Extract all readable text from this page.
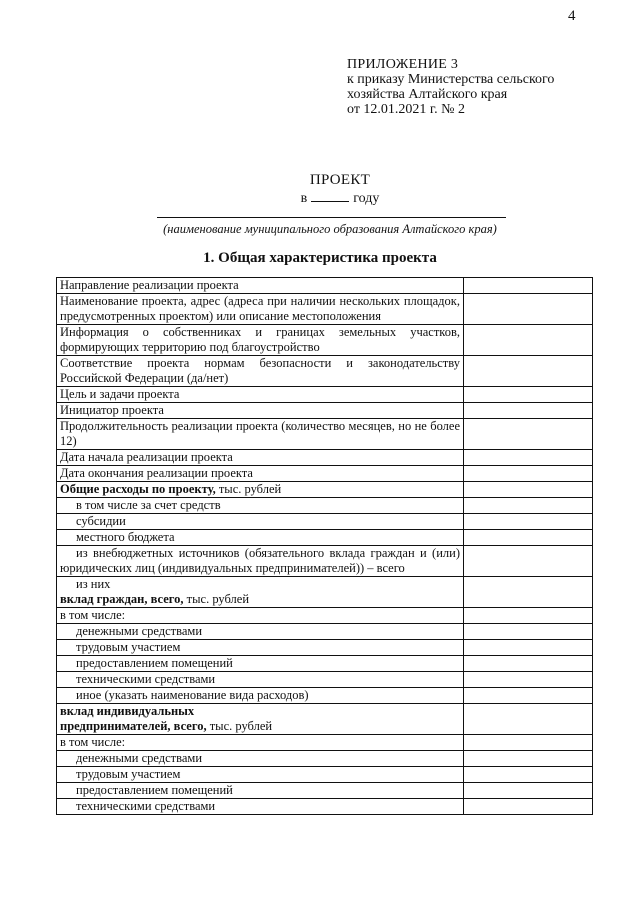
4
ПРИЛОЖЕНИЕ 3
к приказу Министерства сельского
хозяйства Алтайского края
от 12.01.2021 г. № 2
ПРОЕКТ
в	году
(наименование муниципального образования Алтайского края)
1. Общая характеристика проекта
Направление реализации проекта	
Наименование проекта, адрес (адреса при наличии нескольких площадок, предусмотренных проектом) или описание местоположения	
Информация о собственниках и границах земельных участков, формирующих территорию под благоустройство	
Соответствие проекта нормам безопасности и законодательству Российской Федерации (да/нет)	
Цель и задачи проекта	
Инициатор проекта	
Продолжительность реализации проекта (количество месяцев, но не более 12)	
Дата начала реализации проекта	
Дата окончания реализации проекта	
Общие расходы по проекту, тыс. рублей	
в том числе за счет средств	
субсидии	
местного бюджета	
из внебюджетных источников (обязательного вклада граждан и (или) юридических лиц (индивидуальных предпринимателей)) – всего	

из них
вклад граждан, всего, тыс. рублей	
в том числе:	
денежными средствами	
трудовым участием	
предоставлением помещений	
техническими средствами	
иное (указать наименование вида расходов)	

вклад индивидуальных
предпринимателей, всего, тыс. рублей	
в том числе:	
денежными средствами	
трудовым участием	
предоставлением помещений	
техническими средствами	
